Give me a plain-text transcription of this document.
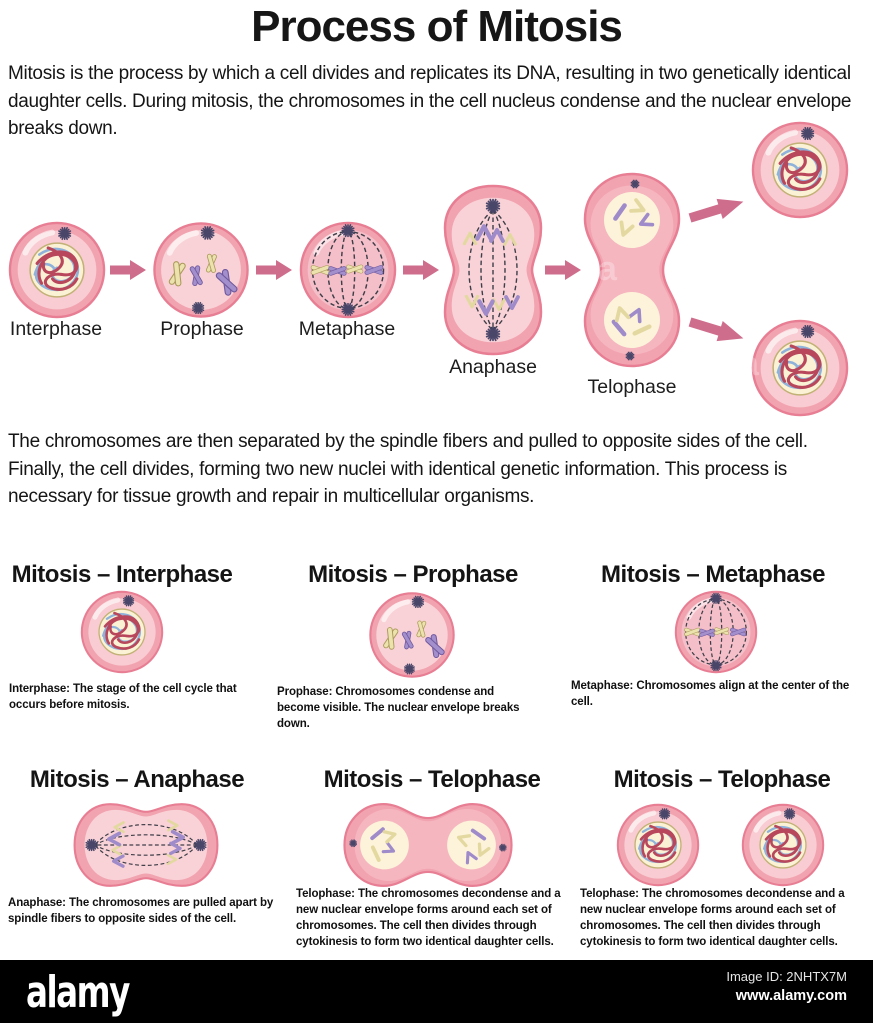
Process of Mitosis
Mitosis is the process by which a cell divides and replicates its DNA, resulting in two genetically identical daughter cells. During mitosis, the chromosomes in the cell nucleus condense and the nuclear envelope breaks down.
Interphase	Prophase	Metaphase
Anaphase
Telophase
a
a
The chromosomes are then separated by the spindle fibers and pulled to opposite sides of the cell. Finally, the cell divides, forming two new nuclei with identical genetic information. This process is necessary for tissue growth and repair in multicellular organisms.
Mitosis – Interphase	Mitosis – Prophase	Mitosis – Metaphase
Interphase: The stage of the cell cycle that occurs before mitosis.
Prophase: Chromosomes condense and become visible. The nuclear envelope breaks down.
Metaphase: Chromosomes align at the center of the cell.
Mitosis – Anaphase	Mitosis – Telophase	Mitosis – Telophase
Anaphase: The chromosomes are pulled apart by spindle fibers to opposite sides of the cell.
Telophase: The chromosomes decondense and a new nuclear envelope forms around each set of chromosomes. The cell then divides through cytokinesis to form two identical daughter cells.
Telophase: The chromosomes decondense and a new nuclear envelope forms around each set of chromosomes. The cell then divides through cytokinesis to form two identical daughter cells.
alamy	Image ID: 2NHTX7M
www.alamy.com
